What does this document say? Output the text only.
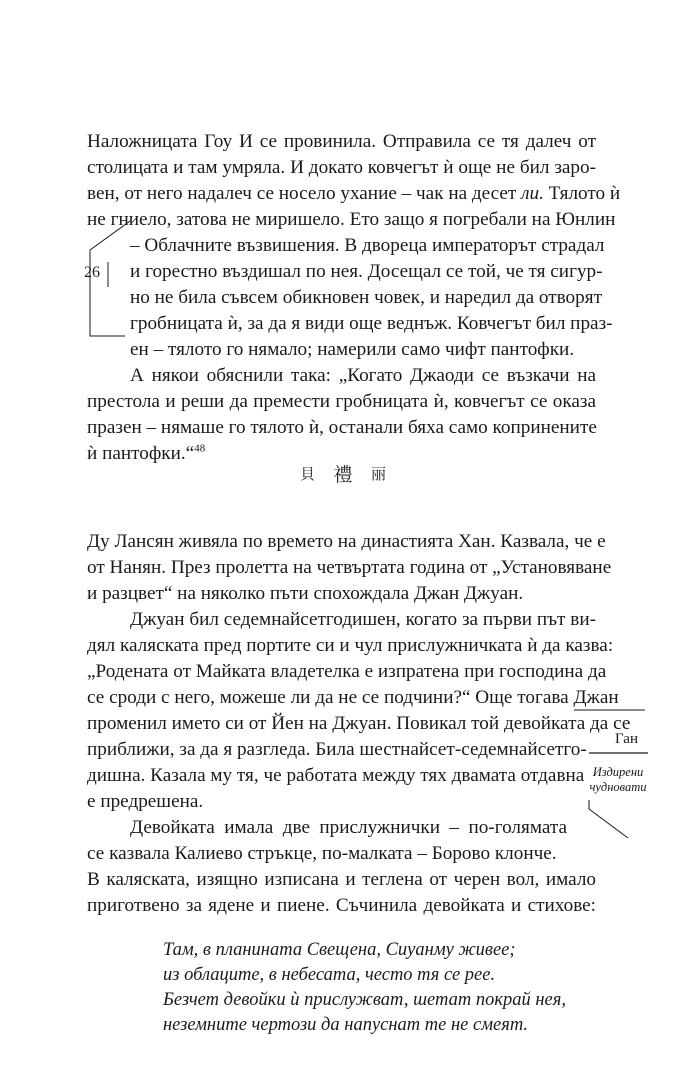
26
Наложницата Гоу И се провинила. Отправила се тя далеч от
столицата и там умряла. И докато ковчегът ѝ още не бил заро-
вен, от него надалеч се носело ухание – чак на десет ли. Тялото ѝ
не гниело, затова не миришело. Ето защо я погребали на Юнлин
– Облачните възвишения. В двореца императорът страдал
и горестно въздишал по нея. Досещал се той, че тя сигур-
но не била съвсем обикновен човек, и наредил да отворят
гробницата ѝ, за да я види още веднъж. Ковчегът бил праз-
ен – тялото го нямало; намерили само чифт пантофки.
А някои обяснили така: „Когато Джаоди се възкачи на
престола и реши да премести гробницата ѝ, ковчегът се оказа
празен – нямаше го тялото ѝ, останали бяха само копринените
ѝ пантофки.“$^{48}$
貝 禮 丽
Ду Лансян живяла по времето на династията Хан. Казвала, че е
от Нанян. През пролетта на четвъртата година от „Установяване
и разцвет“ на няколко пъти спохождала Джан Джуан.
Джуан бил седемнайсетгодишен, когато за първи път ви-
дял каляската пред портите си и чул прислужничката ѝ да казва:
„Родената от Майката владетелка е изпратена при господина да
се сроди с него, можеше ли да не се подчини?“ Още тогава Джан
променил името си от Йен на Джуан. Повикал той девойката да се
приближи, за да я разгледа. Била шестнайсет-седемнайсетго-
дишна. Казала му тя, че работата между тях двамата отдавна
е предрешена.
Девойката имала две прислужнички – по-голямата
се казвала Калиево стръкце, по-малката – Борово клонче.
В каляската, изящно изписана и теглена от черен вол, имало
приготвено за ядене и пиене. Съчинила девойката и стихове:
Там, в планината Свещена, Сиуанму живее;
из облаците, в небесата, често тя се рее.
Безчет девойки ѝ прислужват, шетат покрай нея,
неземните чертози да напуснат те не смеят.
Ган
Издирени чудновати
